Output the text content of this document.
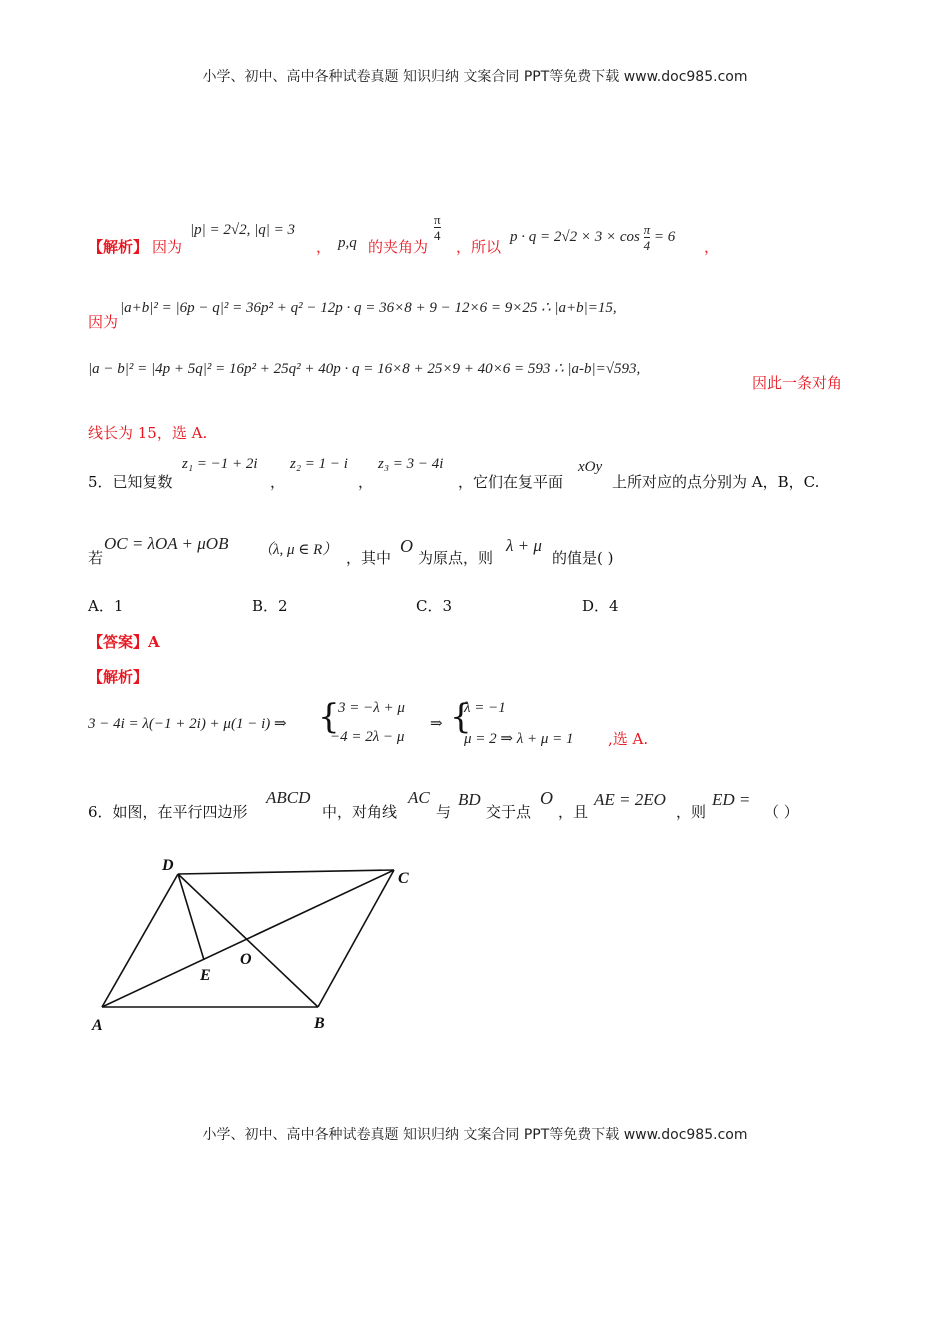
小学、初中、高中各种试卷真题 知识归纳 文案合同 PPT等免费下载 www.doc985.com
【解析】 因为
|p| = 2√2, |q| = 3
， p,q 的夹角为
$\frac{\pi}{4}$
，所以
$p \cdot q = 2√2 \times 3 \times \cos \frac{\pi}{4} = 6$
，
因为
|a+b|² = |6p − q|² = 36p² + q² − 12p · q = 36×8 + 9 − 12×6 = 9×25 ∴ |a+b|=15,
|a − b|² = |4p + 5q|² = 16p² + 25q² + 40p · q = 16×8 + 25×9 + 40×6 = 593 ∴ |a-b|=√593,
因此一条对角
线长为 15，选 A.
5．已知复数
z₁ = −1 + 2i
，
z₂ = 1 − i
，
z₃ = 3 − 4i
，它们在复平面
xOy
上所对应的点分别为 A，B，C.
若
OC = λOA + μOB （λ, μ ∈ R） ，其中
O
为原点，则
λ + μ
的值是( )
A．1	B．2	C．3	D．4
【答案】A
【解析】
3 − 4i = λ(−1 + 2i) + μ(1 − i) ⇒ {
3 = −λ + μ
−4 = 2λ − μ
⇒ {
λ = −1
μ = 2 ⇒ λ + μ = 1 ,选 A.
6．如图，在平行四边形
ABCD
中，对角线
AC
与
BD
交于点
O
，且
AE = 2EO
，则
ED =
（ ）
D
C
A	B
E
O
小学、初中、高中各种试卷真题 知识归纳 文案合同 PPT等免费下载 www.doc985.com
